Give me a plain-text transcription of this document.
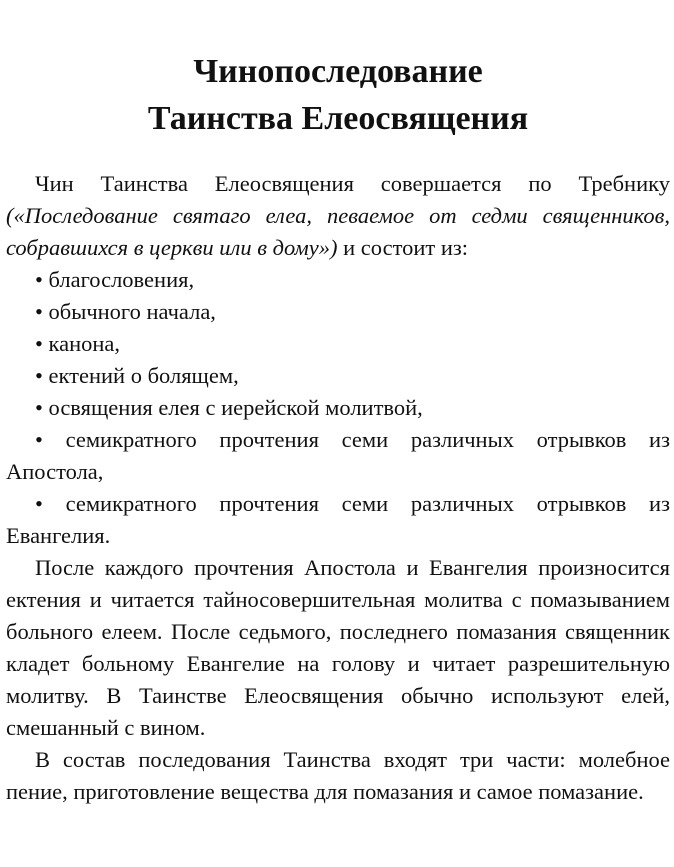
Чинопоследование
Таинства Елеосвящения

Чин Таинства Елеосвящения совершается по Требнику («Последование святаго елеа, певаемое от седми священников, собравшихся в церкви или в дому») и состоит из:

• благословения,

• обычного начала,

• канона,

• ектений о болящем,

• освящения елея с иерейской молитвой,

• семикратного прочтения семи различных отрывков из Апостола,

• семикратного прочтения семи различных отрывков из Евангелия.

После каждого прочтения Апостола и Евангелия произносится ектения и читается тайносовершительная молитва с помазыванием больного елеем. После седьмого, последнего помазания священник кладет больному Евангелие на голову и читает разрешительную молитву. В Таинстве Елеосвящения обычно используют елей, смешанный с вином.

В состав последования Таинства входят три части: молебное пение, приготовление вещества для помазания и самое помазание.
